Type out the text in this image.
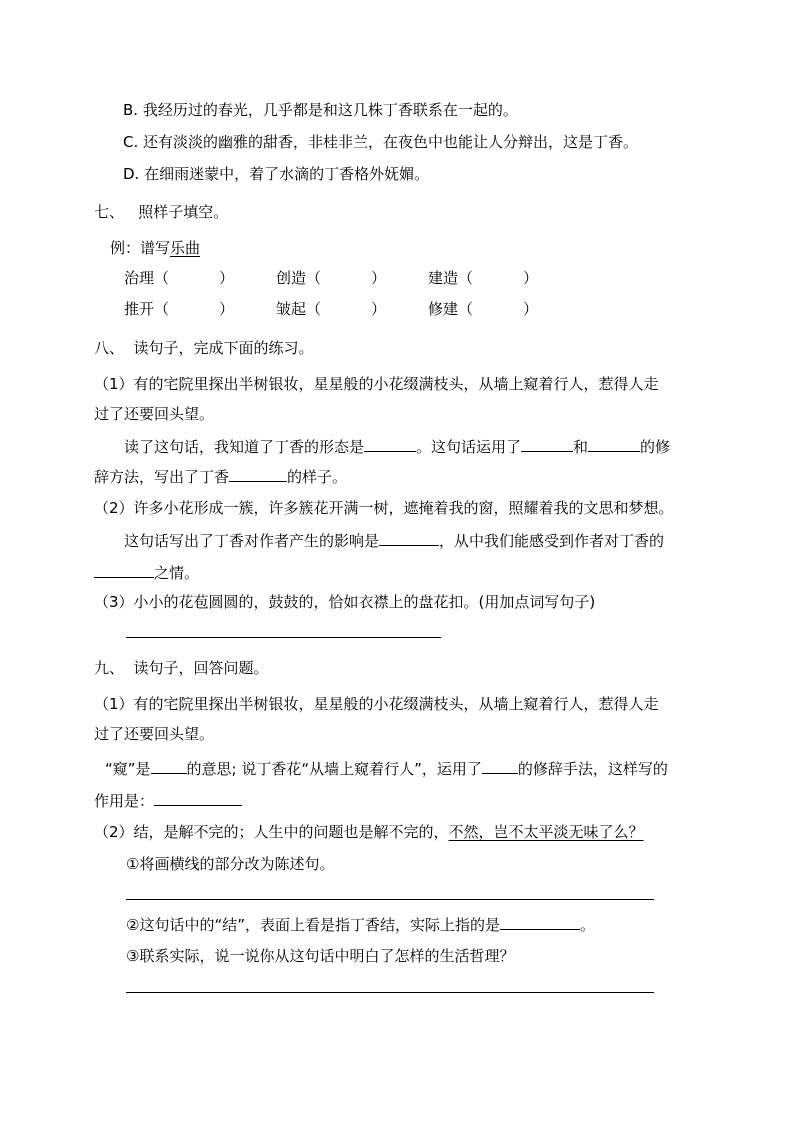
B. 我经历过的春光，几乎都是和这几株丁香联系在一起的。
C. 还有淡淡的幽雅的甜香，非桂非兰，在夜色中也能让人分辩出，这是丁香。
D. 在细雨迷蒙中，着了水滴的丁香格外妩媚。
七、   照样子填空。
例：谱写乐曲
治理（	）	创造（	）	建造（	）
推开（	）	皱起（	）	修建（	）
八、  读句子，完成下面的练习。
（1）有的宅院里探出半树银妆，星星般的小花缀满枝头，从墙上窥着行人，惹得人走
过了还要回头望。
读了这句话，我知道了丁香的形态是	。这句话运用了	和	的修
辞方法，写出了丁香	的样子。
（2）许多小花形成一簇，许多簇花开满一树，遮掩着我的窗，照耀着我的文思和梦想。
这句话写出了丁香对作者产生的影响是	，从中我们能感受到作者对丁香的
之情。
（3）小小的花苞圆圆的，鼓鼓的，恰如衣襟上的盘花扣。(用加点词写句子)
九、  读句子，回答问题。
（1）有的宅院里探出半树银妆，星星般的小花缀满枝头，从墙上窥着行人，惹得人走
过了还要回头望。
“窥”是 的意思; 说丁香花“从墙上窥着行人”，运用了 的修辞手法，这样写的
作用是：
（2）结，是解不完的；人生中的问题也是解不完的，不然，岂不太平淡无味了么？
①将画横线的部分改为陈述句。
②这句话中的“结”，表面上看是指丁香结，实际上指的是	。
③联系实际，说一说你从这句话中明白了怎样的生活哲理？
